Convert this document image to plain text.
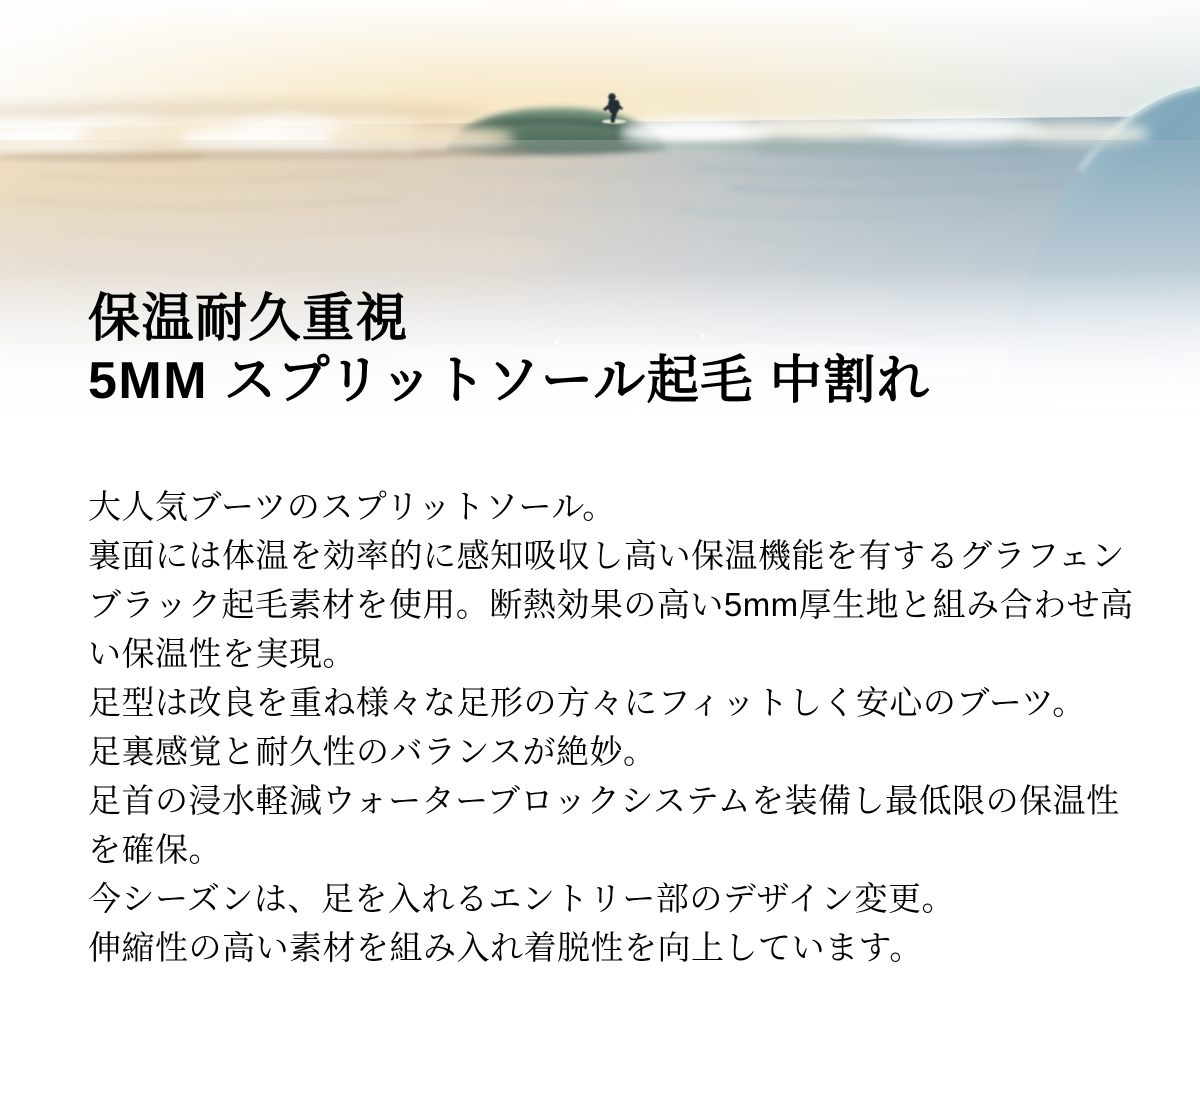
保温耐久重視
5MM スプリットソール起毛 中割れ
大人気ブーツのスプリットソール。
裏面には体温を効率的に感知吸収し高い保温機能を有するグラフェン
ブラック起毛素材を使用。断熱効果の高い5mm厚生地と組み合わせ高
い保温性を実現。
足型は改良を重ね様々な足形の方々にフィットしく安心のブーツ。
足裏感覚と耐久性のバランスが絶妙。
足首の浸水軽減ウォーターブロックシステムを装備し最低限の保温性
を確保。
今シーズンは、足を入れるエントリー部のデザイン変更。
伸縮性の高い素材を組み入れ着脱性を向上しています。
